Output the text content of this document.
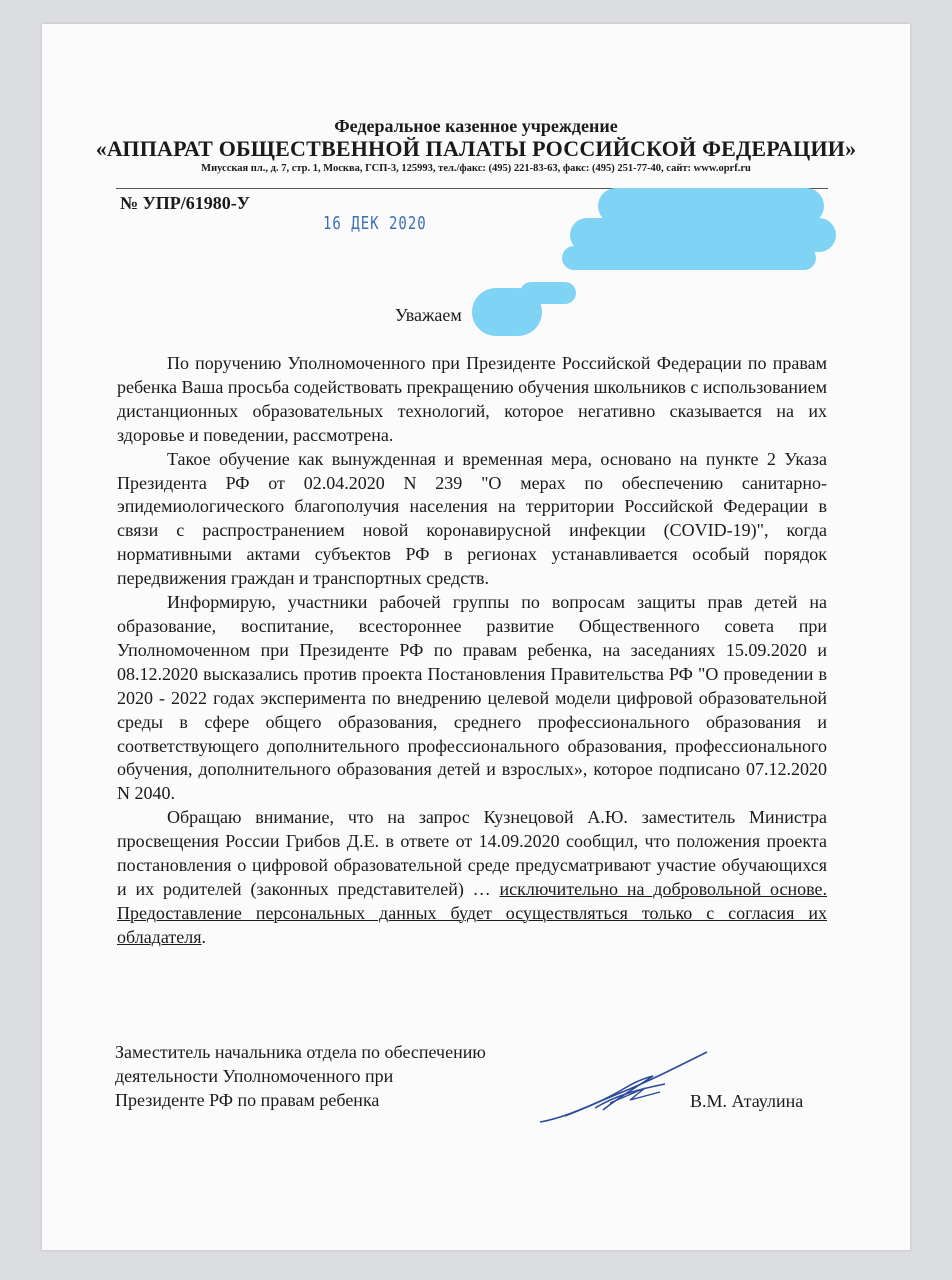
Федеральное казенное учреждение
«АППАРАТ ОБЩЕСТВЕННОЙ ПАЛАТЫ РОССИЙСКОЙ ФЕДЕРАЦИИ»
Миусская пл., д. 7, стр. 1, Москва, ГСП-3, 125993, тел./факс: (495) 221-83-63, факс: (495) 251-77-40, сайт: www.oprf.ru
№ УПР/61980-У
16 ДЕК 2020
Уважаем

По поручению Уполномоченного при Президенте Российской Федерации по правам ребенка Ваша просьба содействовать прекращению обучения школьников с использованием дистанционных образовательных технологий, которое негативно сказывается на их здоровье и поведении, рассмотрена.

Такое обучение как вынужденная и временная мера, основано на пункте 2 Указа Президента РФ от 02.04.2020 N 239 "О мерах по обеспечению санитарно-эпидемиологического благополучия населения на территории Российской Федерации в связи с распространением новой коронавирусной инфекции (COVID-19)", когда нормативными актами субъектов РФ в регионах устанавливается особый порядок передвижения граждан и транспортных средств.

Информирую, участники рабочей группы по вопросам защиты прав детей на образование, воспитание, всестороннее развитие Общественного совета при Уполномоченном при Президенте РФ по правам ребенка, на заседаниях 15.09.2020 и 08.12.2020 высказались против проекта Постановления Правительства РФ "О проведении в 2020 - 2022 годах эксперимента по внедрению целевой модели цифровой образовательной среды в сфере общего образования, среднего профессионального образования и соответствующего дополнительного профессионального образования, профессионального обучения, дополнительного образования детей и взрослых», которое подписано 07.12.2020 N 2040.

Обращаю внимание, что на запрос Кузнецовой А.Ю. заместитель Министра просвещения России Грибов Д.Е. в ответе от 14.09.2020 сообщил, что положения проекта постановления о цифровой образовательной среде предусматривают участие обучающихся и их родителей (законных представителей) … исключительно на добровольной основе. Предоставление персональных данных будет осуществляться только с согласия их обладателя.

Заместитель начальника отдела по обеспечению
деятельности Уполномоченного при
Президенте РФ по правам ребенка	В.М. Атаулина
